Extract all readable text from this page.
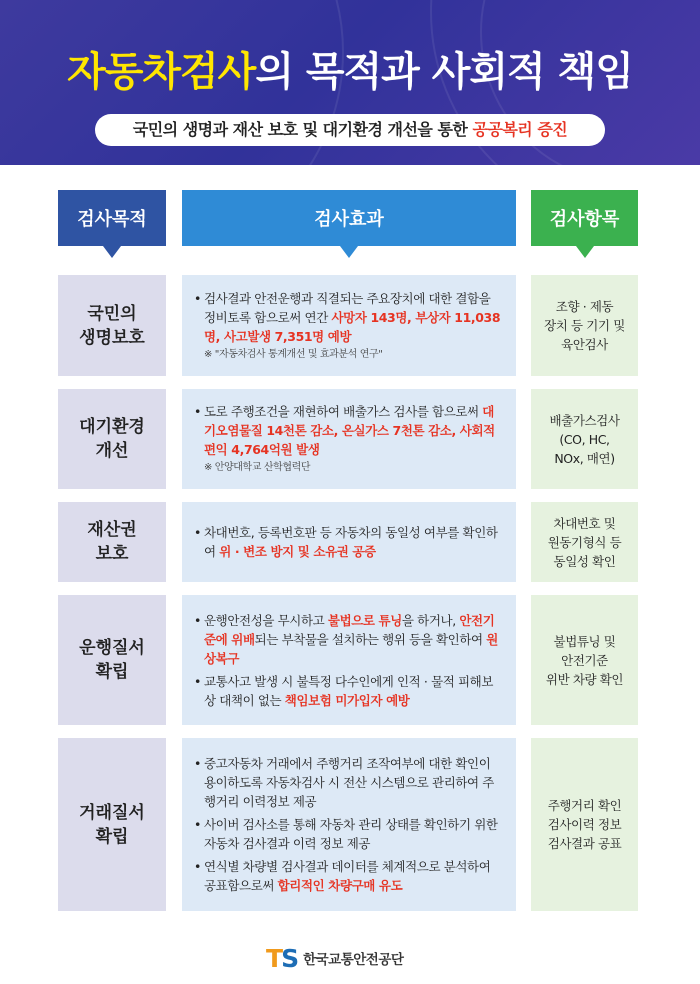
자동차검사의 목적과 사회적 책임
국민의 생명과 재산 보호 및 대기환경 개선을 통한 공공복리 증진
검사목적	검사효과	검사항목
국민의
생명보호
• 검사결과 안전운행과 직결되는 주요장치에 대한 결함을 정비토록 함으로써 연간 사망자 143명, 부상자 11,038명, 사고발생 7,351명 예방
※ "자동차검사 통계개선 및 효과분석 연구"
조향 · 제동
장치 등 기기 및
육안검사
대기환경
개선
• 도로 주행조건을 재현하여 배출가스 검사를 함으로써 대기오염물질 14천톤 감소, 온실가스 7천톤 감소, 사회적편익 4,764억원 발생
※ 안양대학교 산학협력단
배출가스검사
(CO, HC,
NOx, 매연)
재산권
보호
• 차대번호, 등록번호판 등 자동차의 동일성 여부를 확인하여 위 · 변조 방지 및 소유권 공증
차대번호 및
원동기형식 등
동일성 확인
운행질서
확립
• 운행안전성을 무시하고 불법으로 튜닝을 하거나, 안전기준에 위배되는 부착물을 설치하는 행위 등을 확인하여 원상복구
• 교통사고 발생 시 불특정 다수인에게 인적 · 물적 피해보상 대책이 없는 책임보험 미가입자 예방
불법튜닝 및
안전기준
위반 차량 확인
거래질서
확립
• 중고자동차 거래에서 주행거리 조작여부에 대한 확인이 용이하도록 자동차검사 시 전산 시스템으로 관리하여 주행거리 이력정보 제공
• 사이버 검사소를 통해 자동차 관리 상태를 확인하기 위한 자동차 검사결과 이력 정보 제공
• 연식별 차량별 검사결과 데이터를 체계적으로 분석하여 공표함으로써 합리적인 차량구매 유도
주행거리 확인
검사이력 정보
검사결과 공표
T S 한국교통안전공단
